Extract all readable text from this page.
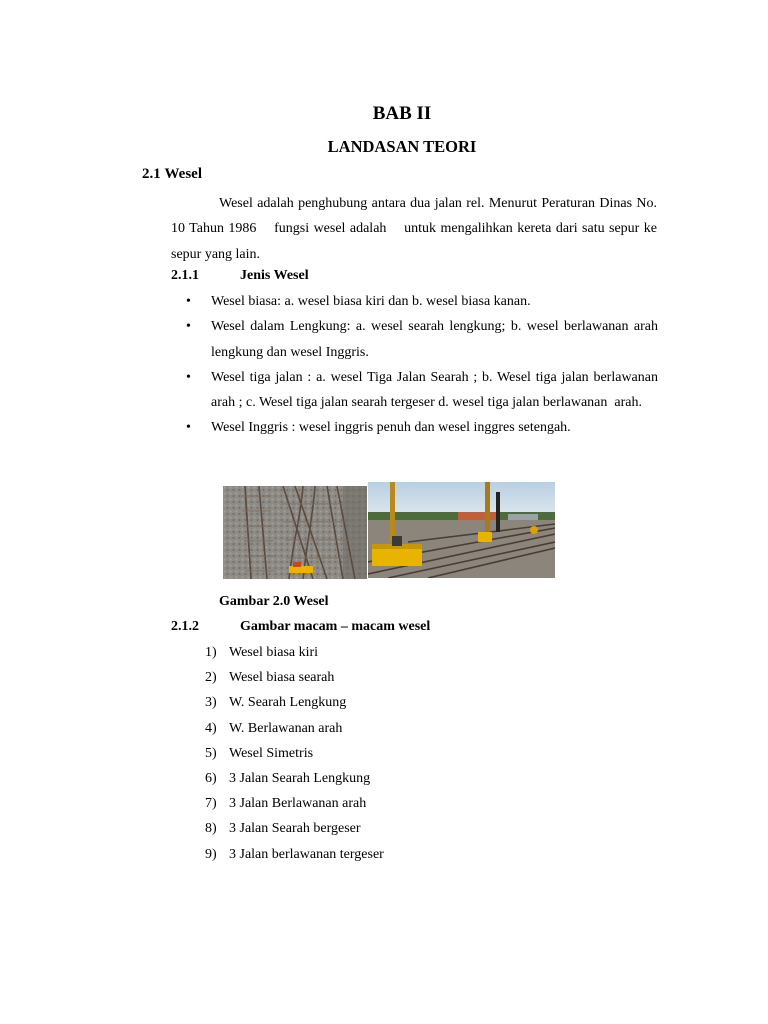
BAB II
LANDASAN TEORI
2.1 Wesel
Wesel adalah penghubung antara dua jalan rel. Menurut Peraturan Dinas No. 10 Tahun 1986    fungsi wesel adalah    untuk mengalihkan kereta dari satu sepur ke sepur yang lain.
2.1.1	Jenis Wesel
• Wesel biasa: a. wesel biasa kiri dan b. wesel biasa kanan.
• Wesel dalam Lengkung: a. wesel searah lengkung; b. wesel berlawanan arah lengkung dan wesel Inggris.
• Wesel tiga jalan : a. wesel Tiga Jalan Searah ; b. Wesel tiga jalan berlawanan arah ; c. Wesel tiga jalan searah tergeser d. wesel tiga jalan berlawanan  arah.
• Wesel Inggris : wesel inggris penuh dan wesel inggres setengah.
Gambar 2.0 Wesel
2.1.2	Gambar macam – macam wesel
1) Wesel biasa kiri
2) Wesel biasa searah
3) W. Searah Lengkung
4) W. Berlawanan arah
5) Wesel Simetris
6) 3 Jalan Searah Lengkung
7) 3 Jalan Berlawanan arah
8) 3 Jalan Searah bergeser
9) 3 Jalan berlawanan tergeser
